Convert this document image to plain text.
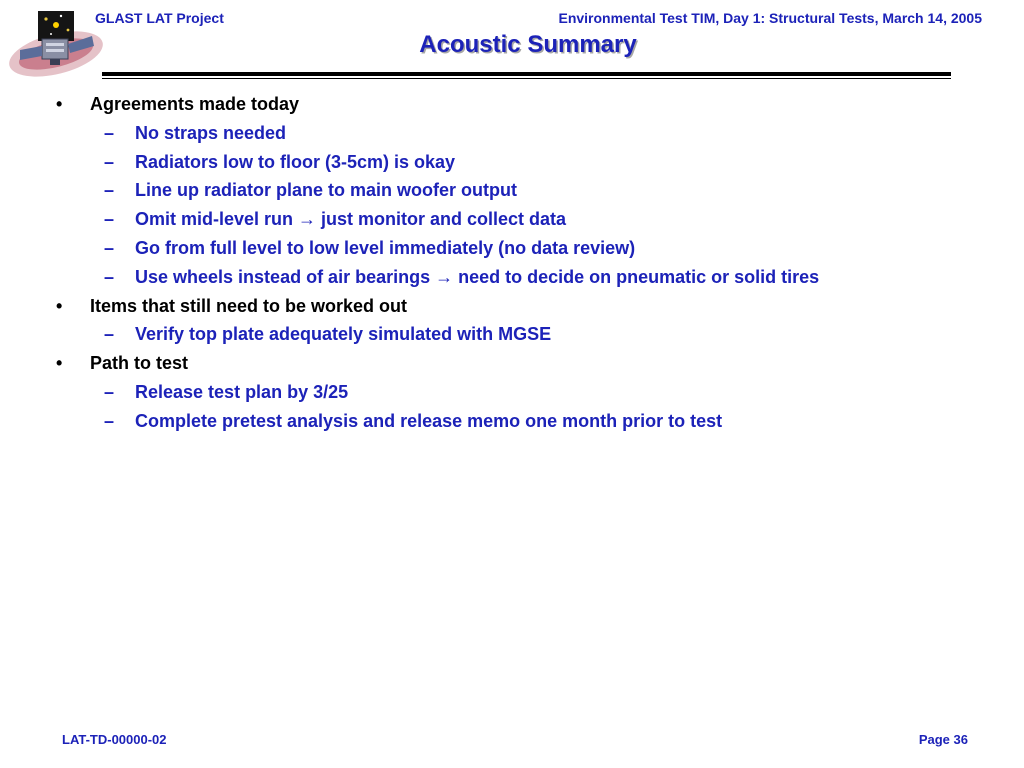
GLAST LAT Project	Environmental Test TIM, Day 1: Structural Tests, March 14, 2005
Acoustic Summary
• Agreements made today
– No straps needed
– Radiators low to floor (3-5cm) is okay
– Line up radiator plane to main woofer output
– Omit mid-level run → just monitor and collect data
– Go from full level to low level immediately (no data review)
– Use wheels instead of air bearings → need to decide on pneumatic or solid tires
• Items that still need to be worked out
– Verify top plate adequately simulated with MGSE
• Path to test
– Release test plan by 3/25
– Complete pretest analysis and release memo one month prior to test
LAT-TD-00000-02	Page 36
